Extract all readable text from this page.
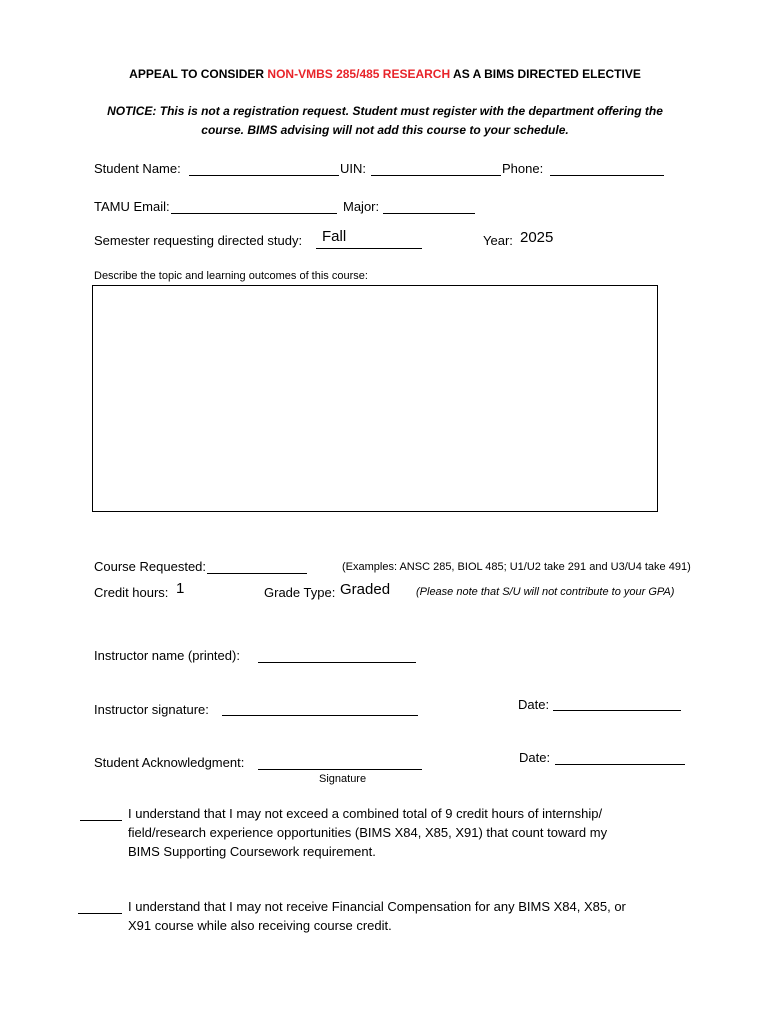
APPEAL TO CONSIDER NON-VMBS 285/485 RESEARCH AS A BIMS DIRECTED ELECTIVE
NOTICE: This is not a registration request. Student must register with the department offering the
course. BIMS advising will not add this course to your schedule.
Student Name:	UIN:	Phone:
TAMU Email:	Major:
Semester requesting directed study: Fall	Year: 2025
Describe the topic and learning outcomes of this course:
Course Requested:	(Examples: ANSC 285, BIOL 485; U1/U2 take 291 and U3/U4 take 491)
Credit hours: 1	Grade Type: Graded (Please note that S/U will not contribute to your GPA)
Instructor name (printed):
Instructor signature:	Date:
Student Acknowledgment:
Signature
Date:
I understand that I may not exceed a combined total of 9 credit hours of internship/
field/research experience opportunities (BIMS X84, X85, X91) that count toward my
BIMS Supporting Coursework requirement.
I understand that I may not receive Financial Compensation for any BIMS X84, X85, or
X91 course while also receiving course credit.
